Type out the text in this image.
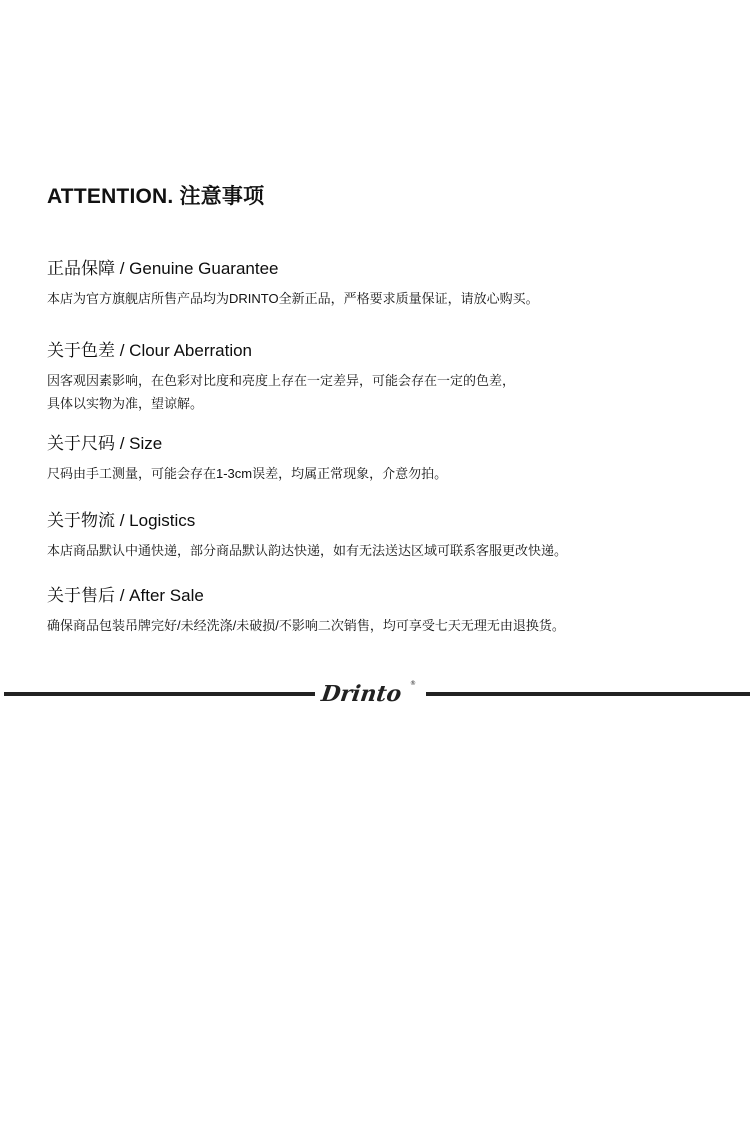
ATTENTION. 注意事项
正品保障 / Genuine Guarantee

本店为官方旗舰店所售产品均为DRINTO全新正品，严格要求质量保证，请放心购买。

关于色差 / Clour Aberration

因客观因素影响，在色彩对比度和亮度上存在一定差异，可能会存在一定的色差，

具体以实物为准，望谅解。

关于尺码 / Size

尺码由手工测量，可能会存在1-3cm误差，均属正常现象，介意勿拍。

关于物流 / Logistics

本店商品默认中通快递，部分商品默认韵达快递，如有无法送达区域可联系客服更改快递。

关于售后 / After Sale

确保商品包装吊牌完好/未经洗涤/未破损/不影响二次销售，均可享受七天无理无由退换货。

Drinto ®
